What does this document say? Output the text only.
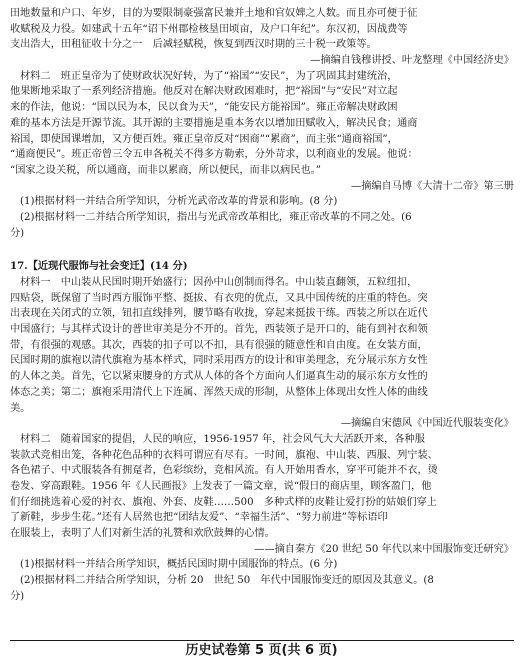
田地数量和户口、年岁，目的为要限制豪强富民兼并土地和官奴婢之人数。而且亦可便于征
收赋税及力役。如建武十五年“诏下州郡检核垦田顷亩，及户口年纪”。东汉初，因战费等
支出浩大，田租征收十分之一　后减轻赋税，恢复到西汉时期的三十税一政策等。
—摘编自钱穆讲授、叶龙整理《中国经济史》
材料二　班正皇帝为了使财政状况好转，为了“裕国”“安民”，为了巩固其封建统治，
他果断地采取了一系列经济措施。他反对在解决财政困难时，把“裕国”与“安民”对立起
来的作法，他说：“国以民为本，民以食为天”，“能安民方能裕国”。雍正帝解决财政困
难的基本方法是开源节流。其开源的主要措施是重本务农以增加田赋收入，解决民食；通商
裕国，即使国课增加，又方便百姓。雍正皇帝反对“困商”“累商”，而主张“通商裕国”，
“通商便民”。班正帝曾三令五申各税关不得多方勒索，分外苛求，以利商业的发展。他说：
“国家之设关税，所以通商，而非以累商，所以便民，而非以病民也。”
—摘编自马博《大清十二帝》第三册
(1)根据材料一并结合所学知识，分析光武帝改革的背景和影响。(8 分)
(2)根据材料一二并结合所学知识，指出与光武帝改革相比，雍正帝改革的不同之处。(6
分)
17.【近现代服饰与社会变迁】(14 分)
材料一　中山装从民国时期开始盛行；因孙中山创制而得名。中山装直翻领，五粒纽扣，
四贴袋，既保留了当时西方服饰平整、挺拔、有衣兜的优点，又具中国传统的庄重的特色。突
出表现在关闭式的立领，钮扣直线排列，腰节略有收拢，穿起来挺拔干练。西装之所以在近代
中国盛行；与其样式设计的普世审美是分不开的。首先，西装领子是开口的，能有到衬衣和领
带，有很强的观感。其次，西装的扣子可以不扣，具有很强的随意性和自由度。在女装方面，
民国时期的旗袍以清代旗袍为基本样式，同时采用西方的设计和审美理念，充分展示东方女性
的人体之美。首先，它以紧束腰身的方式从人体的各个方面向人们逼真生动的展示东方女性的
体态之美；第二；旗袍采用清代上下连属、浑然天成的形制，从整体上体现出女性人体的曲线
美。
—摘编自宋德风《中国近代服装变化》
材料二　随着国家的提倡，人民的响应，1956-1957 年，社会风气大大活跃开来，各种服
装款式竞相出笼，各种花色品种的衣料可谓应有尽有。一时间，旗袍、中山装、西服、列宁装、
各色裙子、中式服装各有拥趸者，色彩缤纷，竞相风流。有人开始用香水，穿平可能并不衣，烫
卷发、穿高跟鞋。1956 年《人民画报》上发表了一篇文章，说“假日的商店里，顾客盈门，他
们仔细挑选着心爱的衬衣、旗袍、外套、皮鞋……500　多种式样的皮鞋让爱打扮的姑娘们穿上
了新鞋，步步生花。”还有人居然也把“团结友爱”、“幸福生活”、“努力前进”等标语印
在服装上，表明了人们对新生活的礼赞和欢欣鼓舞的心情。
——摘自秦方《20 世纪 50 年代以来中国服饰变迁研究》
(1)根据材料一并结合所学知识，概括民国时期中国服饰的特点。(6 分)
(2)根据材料二并结合所学知识，分析 20　世纪 50　年代中国服饰变迁的原因及其意义。(8
分)
历史试卷第 5 页(共 6 页)
